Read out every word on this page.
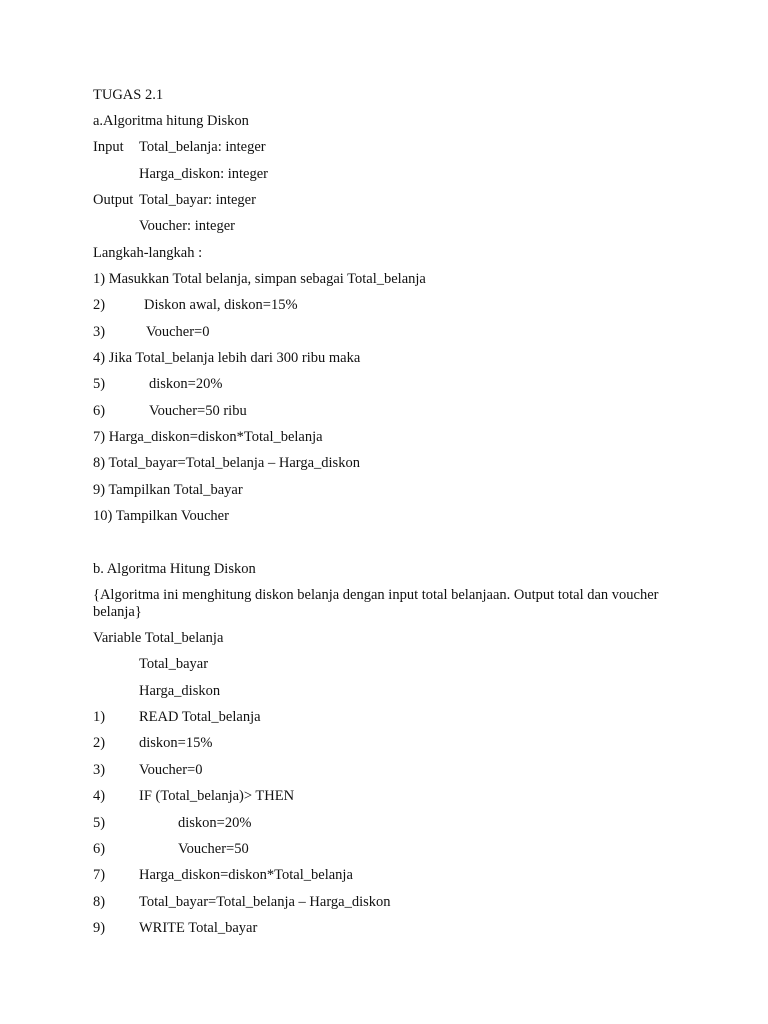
TUGAS 2.1
a.Algoritma hitung Diskon
Input Total_belanja: integer
Harga_diskon: integer
Output Total_bayar: integer
Voucher: integer
Langkah-langkah :
1) Masukkan Total belanja, simpan sebagai Total_belanja
2)	Diskon awal, diskon=15%
3)	Voucher=0
4) Jika Total_belanja lebih dari 300 ribu maka
5)	diskon=20%
6)	Voucher=50 ribu
7) Harga_diskon=diskon*Total_belanja
8) Total_bayar=Total_belanja – Harga_diskon
9) Tampilkan Total_bayar
10) Tampilkan Voucher
b. Algoritma Hitung Diskon
{Algoritma ini menghitung diskon belanja dengan input total belanjaan. Output total dan voucher belanja}
Variable Total_belanja
Total_bayar
Harga_diskon
1) READ Total_belanja
2) diskon=15%
3) Voucher=0
4) IF (Total_belanja)> THEN
5)	diskon=20%
6)	Voucher=50
7) Harga_diskon=diskon*Total_belanja
8) Total_bayar=Total_belanja – Harga_diskon
9) WRITE Total_bayar
